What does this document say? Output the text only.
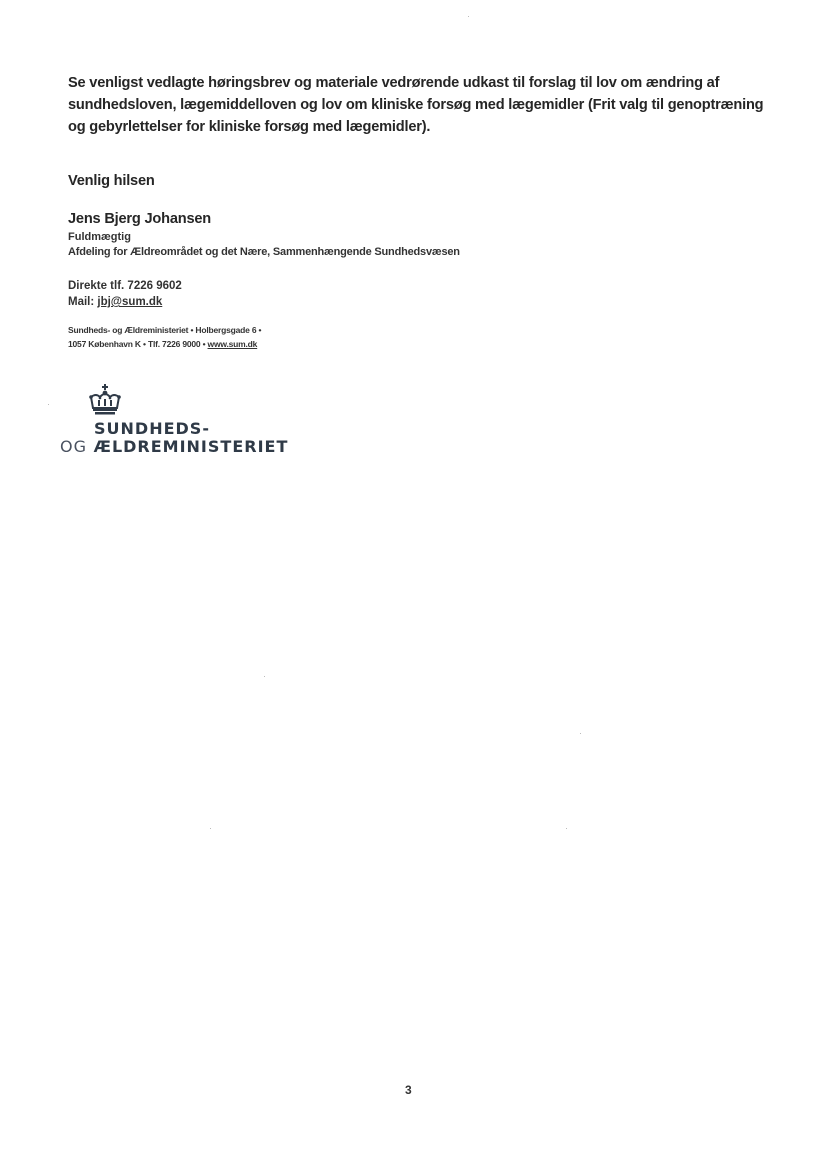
Se venligst vedlagte høringsbrev og materiale vedrørende udkast til forslag til lov om ændring af sundhedsloven, lægemiddelloven og lov om kliniske forsøg med lægemidler (Frit valg til genoptræning og gebyrlettelser for kliniske forsøg med lægemidler).
Venlig hilsen
Jens Bjerg Johansen
Fuldmægtig
Afdeling for Ældreområdet og det Nære, Sammenhængende Sundhedsvæsen
Direkte tlf. 7226 9602
Mail: jbj@sum.dk
Sundheds- og Ældreministeriet • Holbergsgade 6 •
1057 København K • Tlf. 7226 9000 • www.sum.dk
SUNDHEDS-
OG ÆLDREMINISTERIET
3
